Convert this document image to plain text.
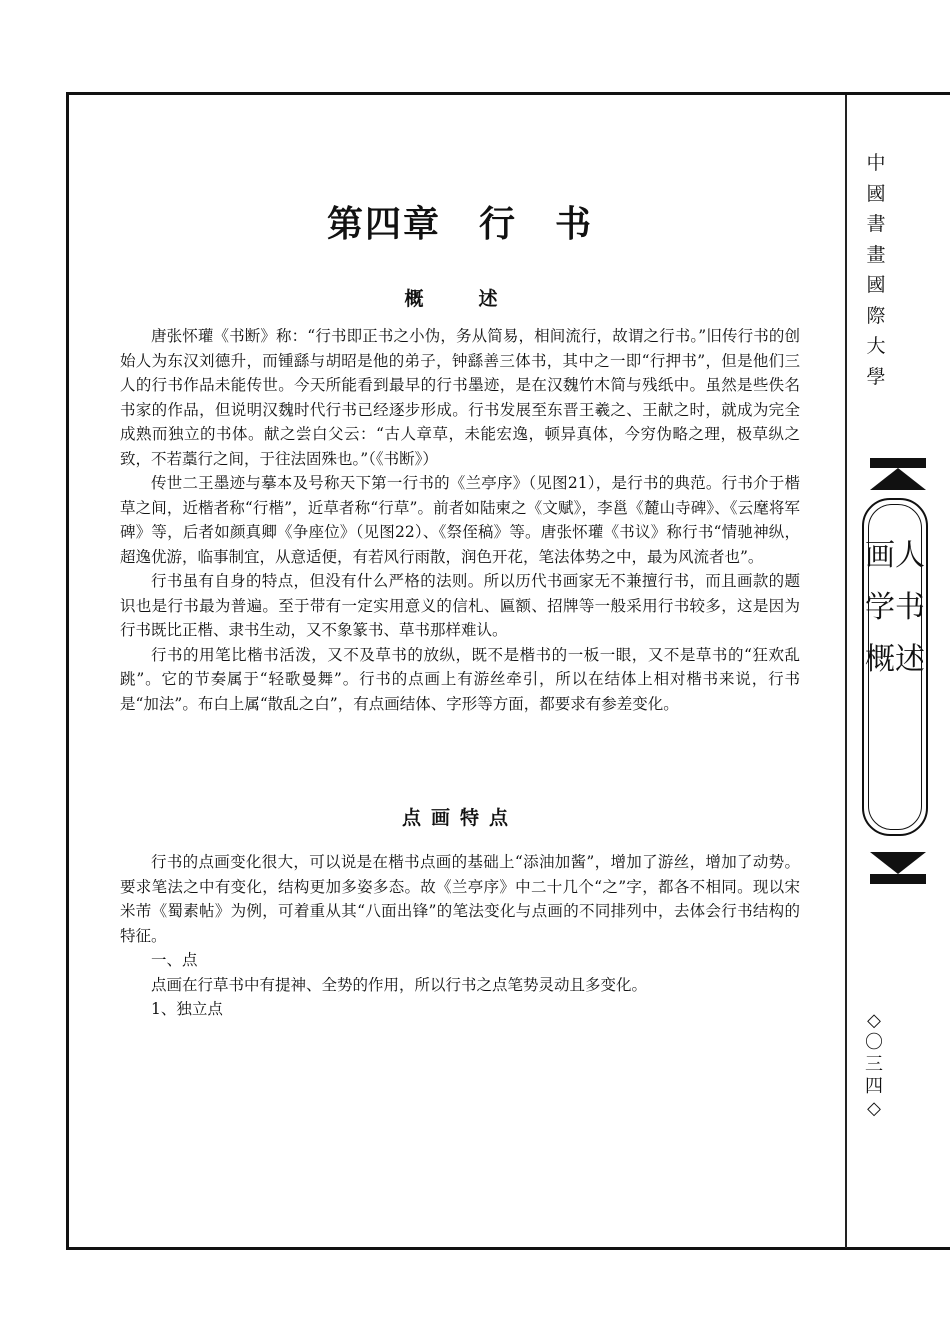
第四章　行　书
概　述

唐张怀瓘《书断》称：“行书即正书之小伪，务从简易，相间流行，故谓之行书。”旧传行书的创始人为东汉刘德升，而锺繇与胡昭是他的弟子，钟繇善三体书，其中之一即“行押书”，但是他们三人的行书作品未能传世。今天所能看到最早的行书墨迹，是在汉魏竹木简与残纸中。虽然是些佚名书家的作品，但说明汉魏时代行书已经逐步形成。行书发展至东晋王羲之、王献之时，就成为完全成熟而独立的书体。献之尝白父云：“古人章草，未能宏逸，顿异真体，今穷伪略之理，极草纵之致，不若藁行之间，于往法固殊也。”（《书断》）

传世二王墨迹与摹本及号称天下第一行书的《兰亭序》（见图21），是行书的典范。行书介于楷草之间，近楷者称“行楷”，近草者称“行草”。前者如陆柬之《文赋》，李邕《麓山寺碑》、《云麾将军碑》等，后者如颜真卿《争座位》（见图22）、《祭侄稿》等。唐张怀瓘《书议》称行书“情驰神纵，超逸优游，临事制宜，从意适便，有若风行雨散，润色开花，笔法体势之中，最为风流者也”。

行书虽有自身的特点，但没有什么严格的法则。所以历代书画家无不兼擅行书，而且画款的题识也是行书最为普遍。至于带有一定实用意义的信札、匾额、招牌等一般采用行书较多，这是因为行书既比正楷、隶书生动，又不象篆书、草书那样难认。

行书的用笔比楷书活泼，又不及草书的放纵，既不是楷书的一板一眼，又不是草书的“狂欢乱跳”。它的节奏属于“轻歌曼舞”。行书的点画上有游丝牵引，所以在结体上相对楷书来说，行书是“加法”。布白上属“散乱之白”，有点画结体、字形等方面，都要求有参差变化。

点画特点

行书的点画变化很大，可以说是在楷书点画的基础上“添油加酱”，增加了游丝，增加了动势。要求笔法之中有变化，结构更加多姿多态。故《兰亭序》中二十几个“之”字，都各不相同。现以宋米芾《蜀素帖》为例，可着重从其“八面出锋”的笔法变化与点画的不同排列中，去体会行书结构的特征。

一、点

点画在行草书中有提神、全势的作用，所以行书之点笔势灵动且多变化。

1、独立点

中國書畫國際大學
画人学书概述
◇〇三四◇
